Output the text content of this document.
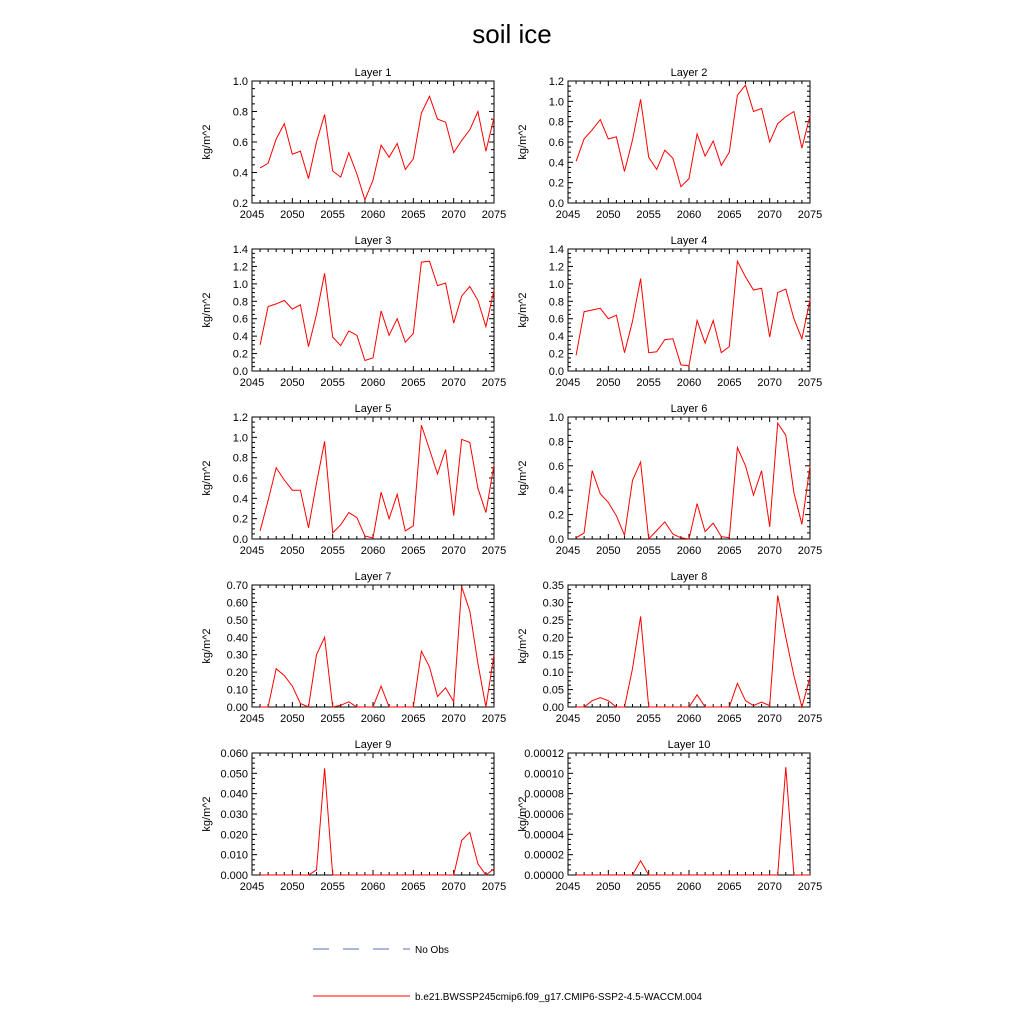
soil ice
Layer 1
kg/m^2
0.2
0.4
0.6
0.8
1.0
2045 2050 2055 2060 2065 2070 2075
Layer 2
kg/m^2
0.0
0.2
0.4
0.6
0.8
1.0
1.2
2045 2050 2055 2060 2065 2070 2075
Layer 3
kg/m^2
0.0
0.2
0.4
0.6
0.8
1.0
1.2
1.4
2045 2050 2055 2060 2065 2070 2075
Layer 4
kg/m^2
0.0
0.2
0.4
0.6
0.8
1.0
1.2
1.4
2045 2050 2055 2060 2065 2070 2075
Layer 5
kg/m^2
0.0
0.2
0.4
0.6
0.8
1.0
1.2
2045 2050 2055 2060 2065 2070 2075
Layer 6
kg/m^2
0.0
0.2
0.4
0.6
0.8
1.0
2045 2050 2055 2060 2065 2070 2075
Layer 7
kg/m^2
0.00
0.10
0.20
0.30
0.40
0.50
0.60
0.70
2045 2050 2055 2060 2065 2070 2075
Layer 8
kg/m^2
0.00
0.05
0.10
0.15
0.20
0.25
0.30
0.35
2045 2050 2055 2060 2065 2070 2075
Layer 9
kg/m^2
0.000
0.010
0.020
0.030
0.040
0.050
0.060
2045 2050 2055 2060 2065 2070 2075
Layer 10
kg/m^2
0.00000
0.00002
0.00004
0.00006
0.00008
0.00010
0.00012
2045 2050 2055 2060 2065 2070 2075
No Obs
b.e21.BWSSP245cmip6.f09_g17.CMIP6-SSP2-4.5-WACCM.004
